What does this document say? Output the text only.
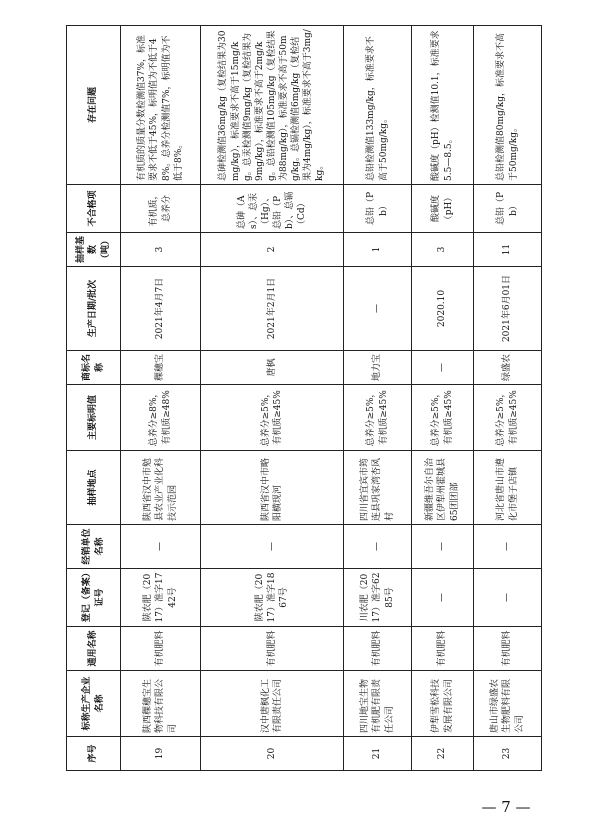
序号	标称生产企业名称	通用名称	登记（备案）证号	经销单位名称	抽样地点	主要标明值	商标名称	生产日期/批次	抽样基数（吨）	不合格项	存在问题
19	陕西稞穗宝生物科技有限公司	有机肥料	陕农肥（2017）准字1742号	—	陕西省汉中市勉县农业产业化科技示范园	总养分≥8%，有机质≥48%	稞穗宝	2021年4月7日	3	有机质，总养分	有机质的质量分数检测值37%，标准要求不低于45%，标明值为不低于48%。总养分检测值7%，标明值为不低于8%。
20	汉中唐枫化工有限责任公司	有机肥料	陕农肥（2017）准字1867号	—	陕西省汉中市略阳横现河	总养分≥5%，有机质≥45%	唐枫	2021年2月1日	2	总砷（As）、总汞（Hg）、总铅（Pb）、总镉（Cd）	总砷检测值36mg/kg（复检结果为30mg/kg），标准要求不高于15mg/kg。总汞检测值9mg/kg（复检结果为9mg/kg），标准要求不高于2mg/kg。总铅检测值105mg/kg（复检结果为88mg/kg），标准要求不高于50mg/kg。总镉检测值6mg/kg（复检结果为4mg/kg），标准要求不高于3mg/kg。
21	四川地宝生物有机肥有限责任公司	有机肥料	川农肥（2017）准字6285号	—	四川省宜宾市筠连县巩家湾杏风村	总养分≥5%，有机质≥45%	地力宝	—	1	总铅（Pb）	总铅检测值133mg/kg，标准要求不高于50mg/kg。
22	伊犁雪松科技发展有限公司	有机肥料	—	—	新疆维吾尔自治区伊犁州霍城县65团团部	总养分≥5%，有机质≥45%	—	2020.10	3	酸碱度（pH）	酸碱度（pH）检测值10.1，标准要求5.5—8.5。
23	唐山市绿盛农生物肥料有限公司	有机肥料	—	—	河北省唐山市遵化市堡子店镇	总养分≥5%，有机质≥45%	绿盛农	2021年6月01日	11	总铅（Pb）	总铅检测值80mg/kg，标准要求不高于50mg/kg。
— 7 —
